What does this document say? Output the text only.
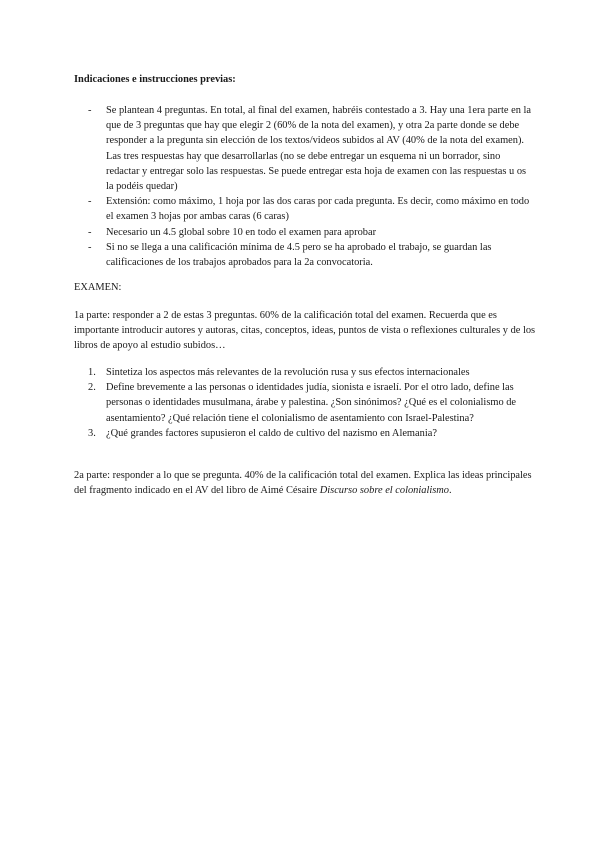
Indicaciones e instrucciones previas:

- Se plantean 4 preguntas. En total, al final del examen, habréis contestado a 3. Hay una 1era parte en la que de 3 preguntas que hay que elegir 2 (60% de la nota del examen), y otra 2a parte donde se debe responder a la pregunta sin elección de los textos/videos subidos al AV (40% de la nota del examen). Las tres respuestas hay que desarrollarlas (no se debe entregar un esquema ni un borrador, sino redactar y entregar solo las respuestas. Se puede entregar esta hoja de examen con las respuestas u os la podéis quedar)
- Extensión: como máximo, 1 hoja por las dos caras por cada pregunta. Es decir, como máximo en todo el examen 3 hojas por ambas caras (6 caras)
- Necesario un 4.5 global sobre 10 en todo el examen para aprobar
- Si no se llega a una calificación mínima de 4.5 pero se ha aprobado el trabajo, se guardan las calificaciones de los trabajos aprobados para la 2a convocatoria.

EXAMEN:

1a parte: responder a 2 de estas 3 preguntas. 60% de la calificación total del examen. Recuerda que es importante introducir autores y autoras, citas, conceptos, ideas, puntos de vista o reflexiones culturales y de los libros de apoyo al estudio subidos…

1. Sintetiza los aspectos más relevantes de la revolución rusa y sus efectos internacionales
2. Define brevemente a las personas o identidades judía, sionista e israelí. Por el otro lado, define las personas o identidades musulmana, árabe y palestina. ¿Son sinónimos? ¿Qué es el colonialismo de asentamiento? ¿Qué relación tiene el colonialismo de asentamiento con Israel-Palestina?
3. ¿Qué grandes factores supusieron el caldo de cultivo del nazismo en Alemania?

2a parte: responder a lo que se pregunta. 40% de la calificación total del examen. Explica las ideas principales del fragmento indicado en el AV del libro de Aimé Césaire Discurso sobre el colonialismo.
